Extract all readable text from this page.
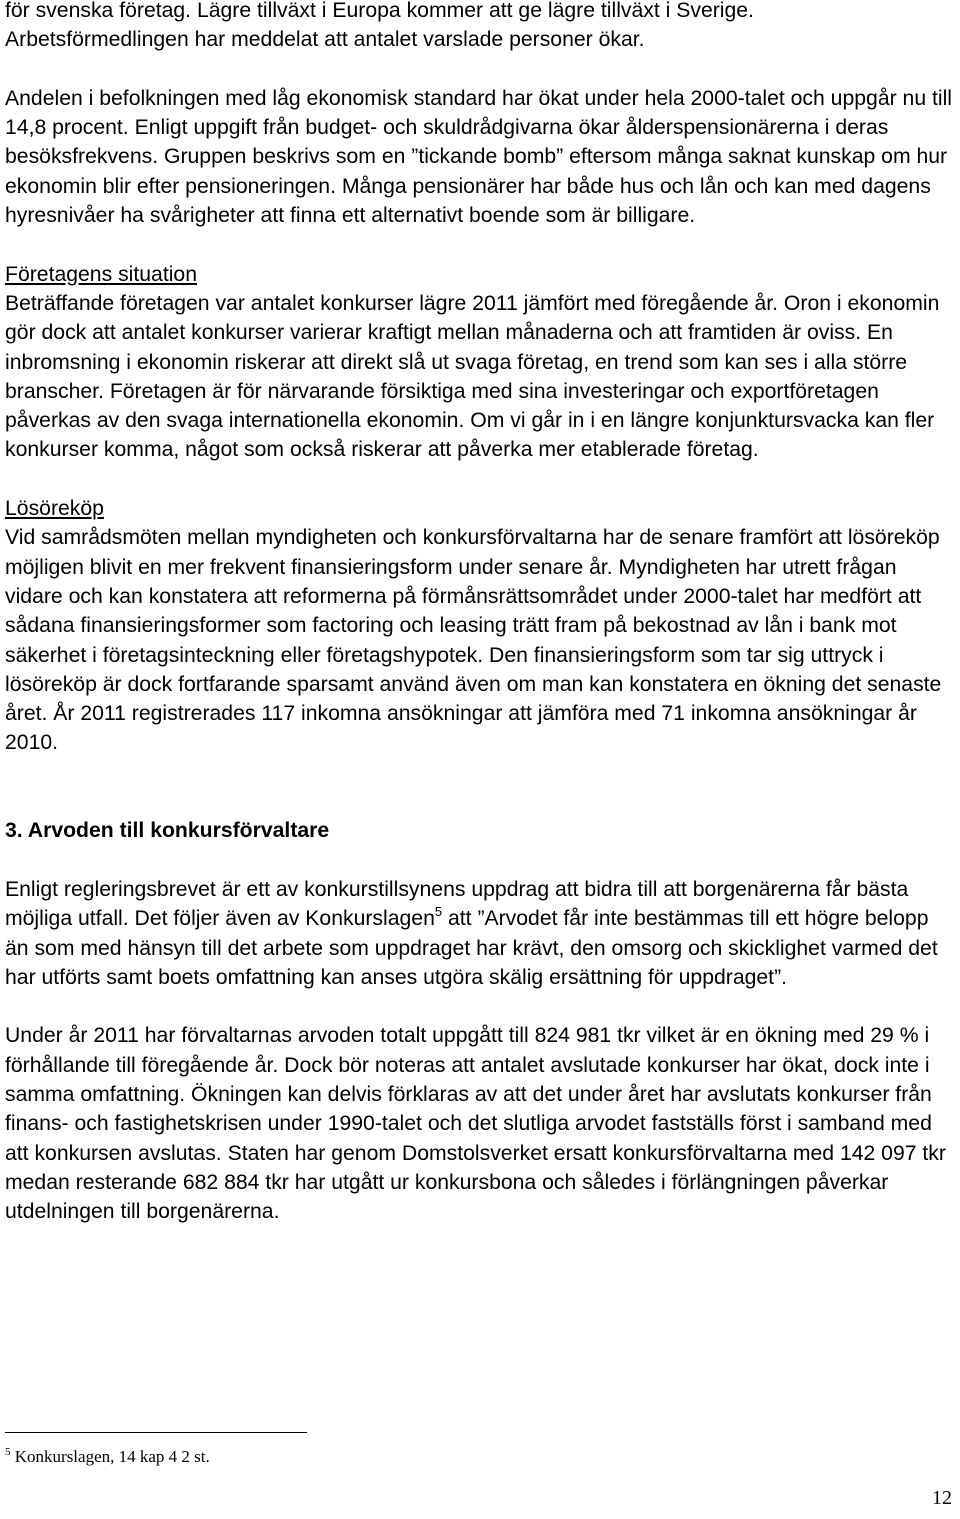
för svenska företag. Lägre tillväxt i Europa kommer att ge lägre tillväxt i Sverige.

Arbetsförmedlingen har meddelat att antalet varslade personer ökar.

Andelen i befolkningen med låg ekonomisk standard har ökat under hela 2000-talet och uppgår nu till 14,8 procent. Enligt uppgift från budget- och skuldrådgivarna ökar ålderspensionärerna i deras besöksfrekvens. Gruppen beskrivs som en ”tickande bomb” eftersom många saknat kunskap om hur ekonomin blir efter pensioneringen. Många pensionärer har både hus och lån och kan med dagens hyresnivåer ha svårigheter att finna ett alternativt boende som är billigare.

Företagens situation

Beträffande företagen var antalet konkurser lägre 2011 jämfört med föregående år. Oron i ekonomin gör dock att antalet konkurser varierar kraftigt mellan månaderna och att framtiden är oviss. En inbromsning i ekonomin riskerar att direkt slå ut svaga företag, en trend som kan ses i alla större branscher. Företagen är för närvarande försiktiga med sina investeringar och exportföretagen påverkas av den svaga internationella ekonomin. Om vi går in i en längre konjunktursvacka kan fler konkurser komma, något som också riskerar att påverka mer etablerade företag.

Lösöreköp

Vid samrådsmöten mellan myndigheten och konkursförvaltarna har de senare framfört att lösöreköp möjligen blivit en mer frekvent finansieringsform under senare år. Myndigheten har utrett frågan vidare och kan konstatera att reformerna på förmånsrättsområdet under 2000-talet har medfört att sådana finansieringsformer som factoring och leasing trätt fram på bekostnad av lån i bank mot säkerhet i företagsinteckning eller företagshypotek. Den finansieringsform som tar sig uttryck i lösöreköp är dock fortfarande sparsamt använd även om man kan konstatera en ökning det senaste året. År 2011 registrerades 117 inkomna ansökningar att jämföra med 71 inkomna ansökningar år 2010.

3. Arvoden till konkursförvaltare

Enligt regleringsbrevet är ett av konkurstillsynens uppdrag att bidra till att borgenärerna får bästa möjliga utfall. Det följer även av Konkurslagen$^5$ att ”Arvodet får inte bestämmas till ett högre belopp än som med hänsyn till det arbete som uppdraget har krävt, den omsorg och skicklighet varmed det har utförts samt boets omfattning kan anses utgöra skälig ersättning för uppdraget”.

Under år 2011 har förvaltarnas arvoden totalt uppgått till 824 981 tkr vilket är en ökning med 29 % i förhållande till föregående år. Dock bör noteras att antalet avslutade konkurser har ökat, dock inte i samma omfattning. Ökningen kan delvis förklaras av att det under året har avslutats konkurser från finans- och fastighetskrisen under 1990-talet och det slutliga arvodet fastställs först i samband med att konkursen avslutas. Staten har genom Domstolsverket ersatt konkursförvaltarna med 142 097 tkr medan resterande 682 884 tkr har utgått ur konkursbona och således i förlängningen påverkar utdelningen till borgenärerna.

$^5$ Konkurslagen, 14 kap 4 2 st.

12
